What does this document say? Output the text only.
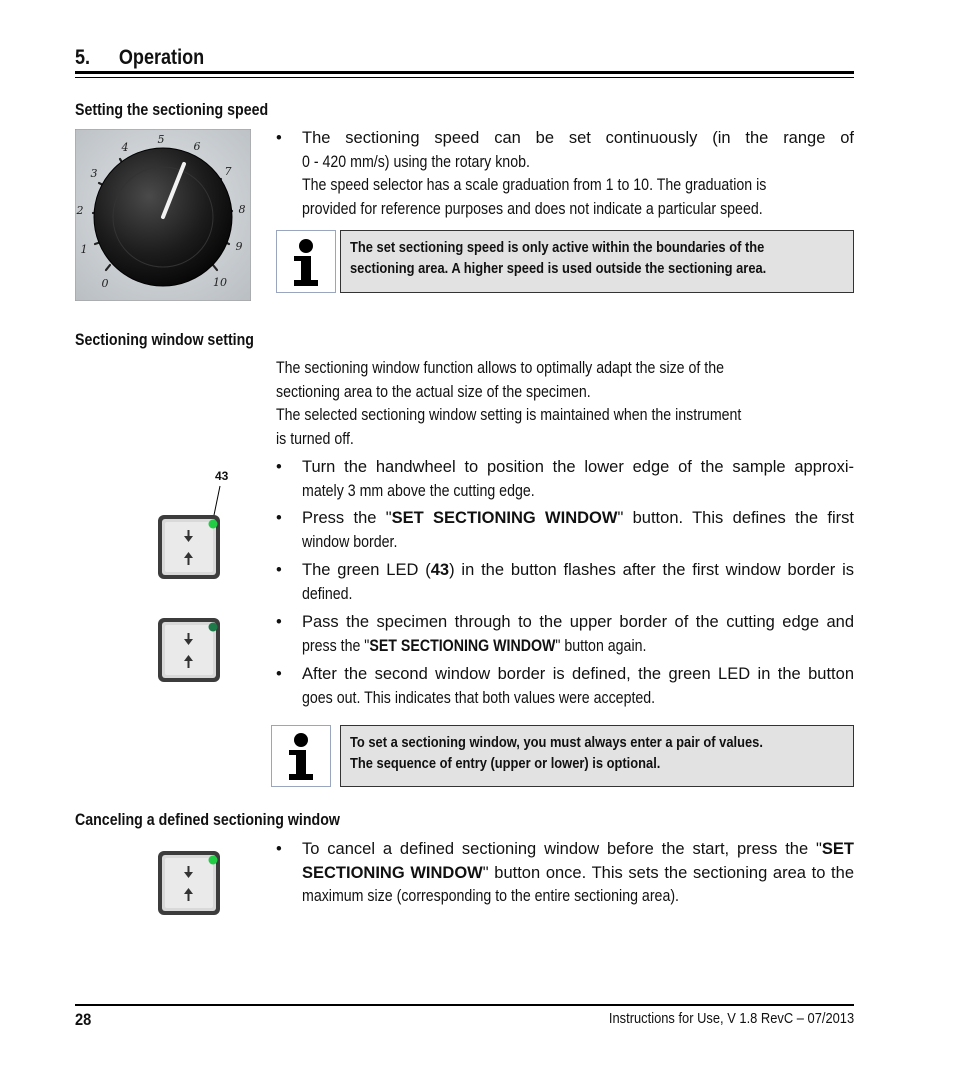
5. Operation
Setting the sectioning speed
0
1
2
3
4
5
6
7
8
9
10
• The sectioning speed can be set continuously (in the range of
0 - 420 mm/s) using the rotary knob.
The speed selector has a scale graduation from 1 to 10. The graduation is
provided for reference purposes and does not indicate a particular speed.
The set sectioning speed is only active within the boundaries of the
sectioning area. A higher speed is used outside the sectioning area.
Sectioning window setting
The sectioning window function allows to optimally adapt the size of the
sectioning area to the actual size of the specimen.
The selected sectioning window setting is maintained when the instrument
is turned off.
43	• Turn the handwheel to position the lower edge of the sample approxi-
mately 3 mm above the cutting edge.
• Press the "SET SECTIONING WINDOW" button. This defines the first
window border.
• The green LED (43) in the button flashes after the first window border is
defined.
• Pass the specimen through to the upper border of the cutting edge and
press the "SET SECTIONING WINDOW" button again.
• After the second window border is defined, the green LED in the button
goes out. This indicates that both values were accepted.
To set a sectioning window, you must always enter a pair of values.
The sequence of entry (upper or lower) is optional.
Canceling a defined sectioning window
• To cancel a defined sectioning window before the start, press the "SET
SECTIONING WINDOW" button once. This sets the sectioning area to the
maximum size (corresponding to the entire sectioning area).
28	Instructions for Use, V 1.8 RevC – 07/2013
